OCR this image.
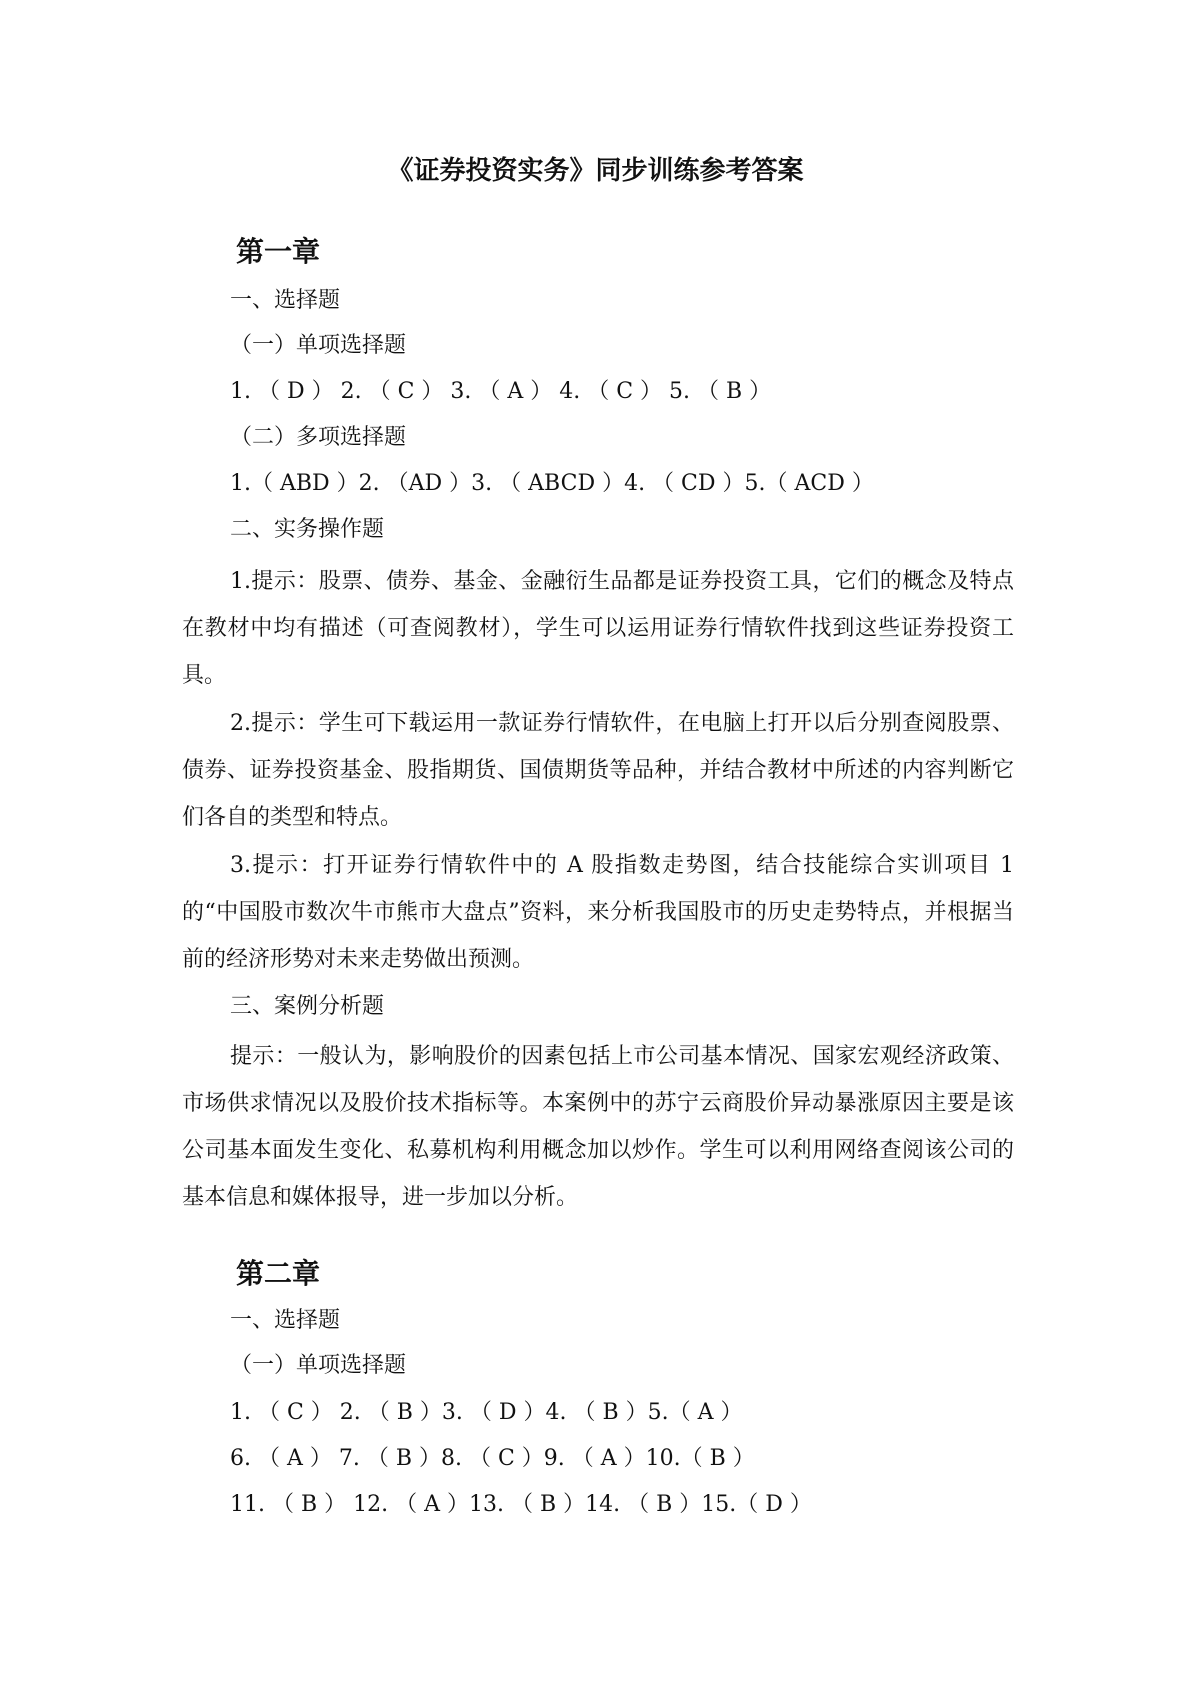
《证券投资实务》同步训练参考答案
第一章
一、选择题
（一）单项选择题
1. （ D ） 2. （ C ） 3. （ A ） 4. （ C ） 5. （ B ）
（二）多项选择题
1.（ ABD ）2. （AD ）3. （ ABCD ）4. （ CD ）5.（ ACD ）
二、实务操作题

1.提示：股票、债券、基金、金融衍生品都是证券投资工具，它们的概念及特点在教材中均有描述（可查阅教材），学生可以运用证券行情软件找到这些证券投资工具。

2.提示：学生可下载运用一款证券行情软件，在电脑上打开以后分别查阅股票、债券、证券投资基金、股指期货、国债期货等品种，并结合教材中所述的内容判断它们各自的类型和特点。

3.提示：打开证券行情软件中的 A 股指数走势图，结合技能综合实训项目 1 的“中国股市数次牛市熊市大盘点”资料，来分析我国股市的历史走势特点，并根据当前的经济形势对未来走势做出预测。

三、案例分析题

提示：一般认为，影响股价的因素包括上市公司基本情况、国家宏观经济政策、市场供求情况以及股价技术指标等。本案例中的苏宁云商股价异动暴涨原因主要是该公司基本面发生变化、私募机构利用概念加以炒作。学生可以利用网络查阅该公司的基本信息和媒体报导，进一步加以分析。

第二章
一、选择题
（一）单项选择题
1. （ C ） 2. （ B ）3. （ D ）4. （ B ）5.（ A ）
6. （ A ） 7. （ B ）8. （ C ）9. （ A ）10.（ B ）
11. （ B ） 12. （ A ）13. （ B ）14. （ B ）15.（ D ）
